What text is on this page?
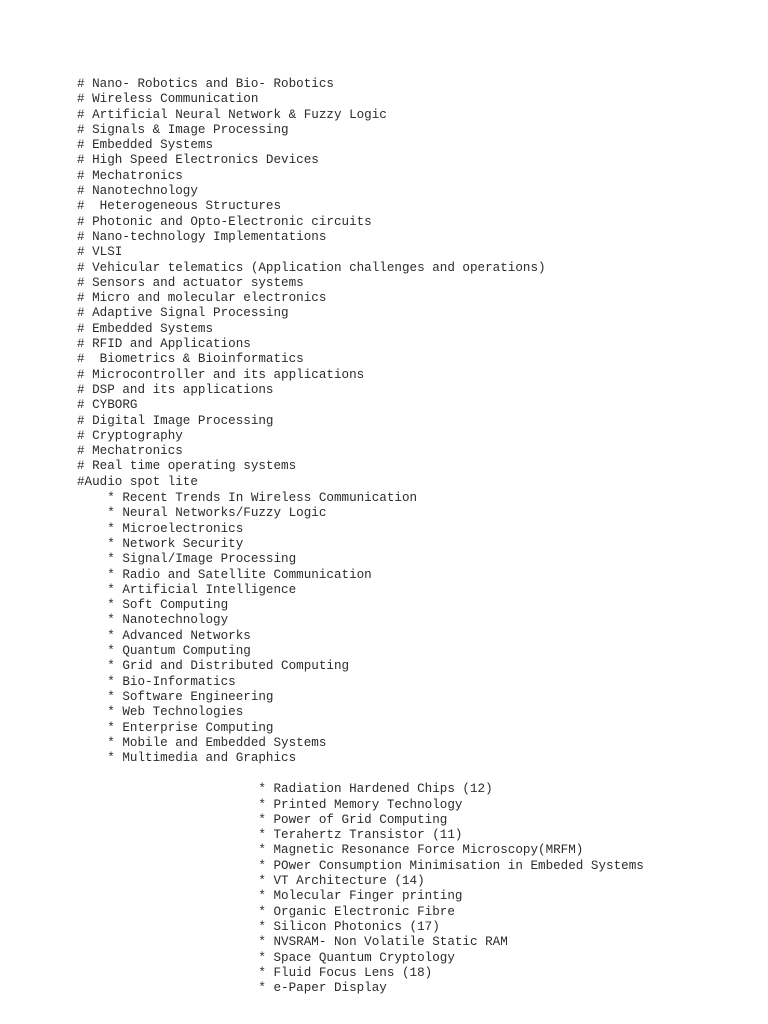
# Nano- Robotics and Bio- Robotics
# Wireless Communication
# Artificial Neural Network & Fuzzy Logic
# Signals & Image Processing
# Embedded Systems
# High Speed Electronics Devices
# Mechatronics
# Nanotechnology
#  Heterogeneous Structures
# Photonic and Opto-Electronic circuits
# Nano-technology Implementations
# VLSI
# Vehicular telematics (Application challenges and operations)
# Sensors and actuator systems
# Micro and molecular electronics
# Adaptive Signal Processing
# Embedded Systems
# RFID and Applications
#  Biometrics & Bioinformatics
# Microcontroller and its applications
# DSP and its applications
# CYBORG
# Digital Image Processing
# Cryptography
# Mechatronics
# Real time operating systems
#Audio spot lite
* Recent Trends In Wireless Communication
* Neural Networks/Fuzzy Logic
* Microelectronics
* Network Security
* Signal/Image Processing
* Radio and Satellite Communication
* Artificial Intelligence
* Soft Computing
* Nanotechnology
* Advanced Networks
* Quantum Computing
* Grid and Distributed Computing
* Bio-Informatics
* Software Engineering
* Web Technologies
* Enterprise Computing
* Mobile and Embedded Systems
* Multimedia and Graphics
* Radiation Hardened Chips (12)
* Printed Memory Technology
* Power of Grid Computing
* Terahertz Transistor (11)
* Magnetic Resonance Force Microscopy(MRFM)
* POwer Consumption Minimisation in Embeded Systems
* VT Architecture (14)
* Molecular Finger printing
* Organic Electronic Fibre
* Silicon Photonics (17)
* NVSRAM- Non Volatile Static RAM
* Space Quantum Cryptology
* Fluid Focus Lens (18)
* e-Paper Display
